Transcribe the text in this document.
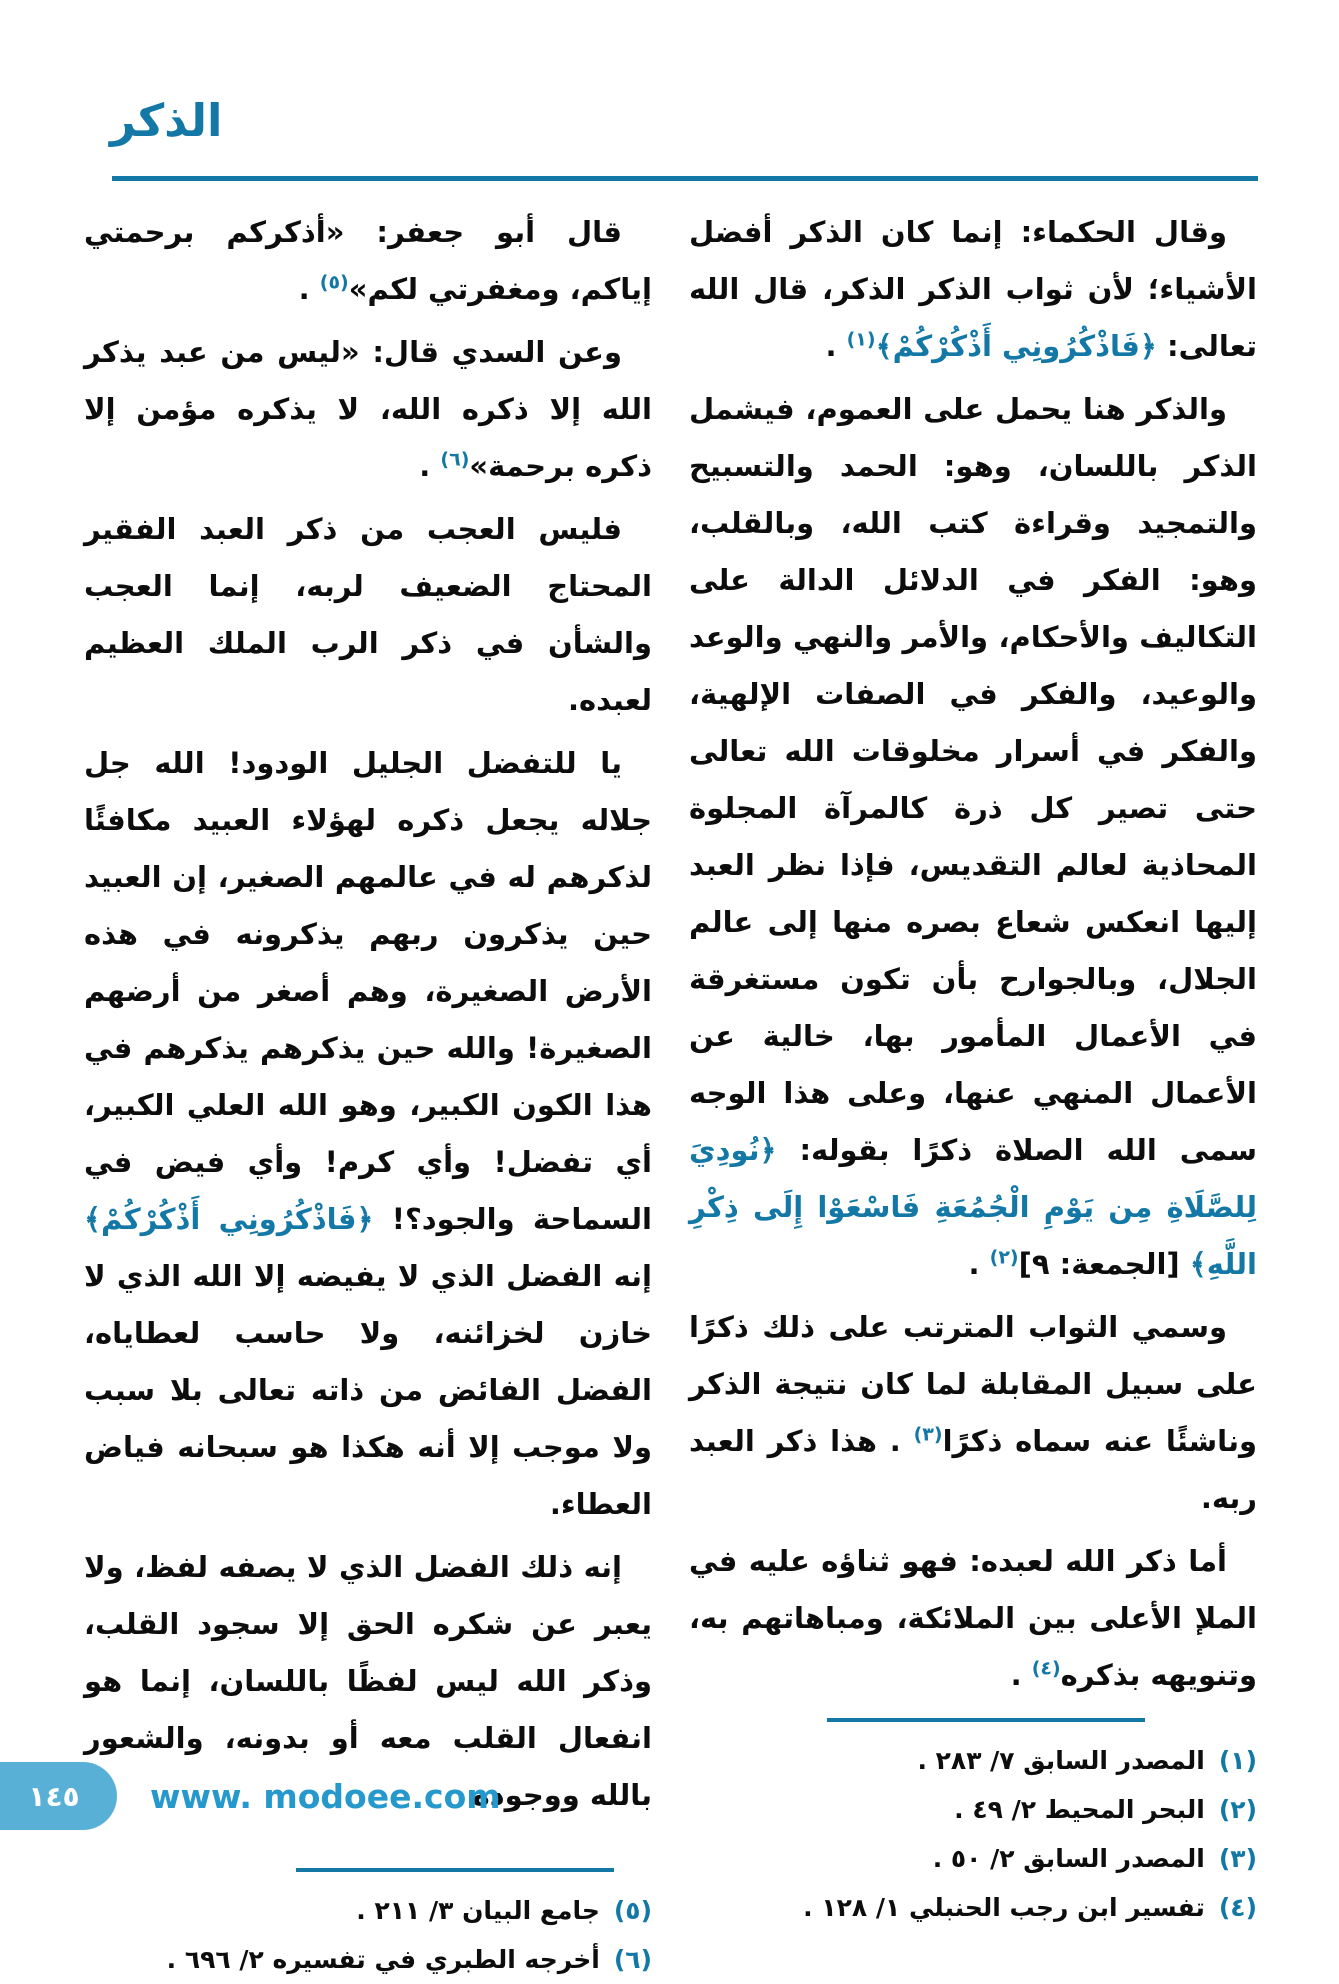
الذكر

وقال الحكماء: إنما كان الذكر أفضل الأشياء؛ لأن ثواب الذكر الذكر، قال الله تعالى: ﴿فَاذْكُرُونِي أَذْكُرْكُمْ﴾$^{(١)}$ .

والذكر هنا يحمل على العموم، فيشمل الذكر باللسان، وهو: الحمد والتسبيح والتمجيد وقراءة كتب الله، وبالقلب، وهو: الفكر في الدلائل الدالة على التكاليف والأحكام، والأمر والنهي والوعد والوعيد، والفكر في الصفات الإلهية، والفكر في أسرار مخلوقات الله تعالى حتى تصير كل ذرة كالمرآة المجلوة المحاذية لعالم التقديس، فإذا نظر العبد إليها انعكس شعاع بصره منها إلى عالم الجلال، وبالجوارح بأن تكون مستغرقة في الأعمال المأمور بها، خالية عن الأعمال المنهي عنها، وعلى هذا الوجه سمى الله الصلاة ذكرًا بقوله: ﴿نُودِيَ لِلصَّلَاةِ مِن يَوْمِ الْجُمُعَةِ فَاسْعَوْا إِلَى ذِكْرِ اللَّهِ﴾ [الجمعة: ٩]$^{(٢)}$ .

وسمي الثواب المترتب على ذلك ذكرًا على سبيل المقابلة لما كان نتيجة الذكر وناشئًا عنه سماه ذكرًا$^{(٣)}$ . هذا ذكر العبد ربه.

أما ذكر الله لعبده: فهو ثناؤه عليه في الملإ الأعلى بين الملائكة، ومباهاتهم به، وتنويهه بذكره$^{(٤)}$ .

(١)
المصدر السابق ٧/ ٢٨٣ .
(٢)
البحر المحيط ٢/ ٤٩ .
(٣)
المصدر السابق ٢/ ٥٠ .
(٤)
تفسير ابن رجب الحنبلي ١/ ١٢٨ .

قال أبو جعفر: «أذكركم برحمتي إياكم، ومغفرتي لكم»$^{(٥)}$ .

وعن السدي قال: «ليس من عبد يذكر الله إلا ذكره الله، لا يذكره مؤمن إلا ذكره برحمة»$^{(٦)}$ .

فليس العجب من ذكر العبد الفقير المحتاج الضعيف لربه، إنما العجب والشأن في ذكر الرب الملك العظيم لعبده.

يا للتفضل الجليل الودود! الله جل جلاله يجعل ذكره لهؤلاء العبيد مكافئًا لذكرهم له في عالمهم الصغير، إن العبيد حين يذكرون ربهم يذكرونه في هذه الأرض الصغيرة، وهم أصغر من أرضهم الصغيرة! والله حين يذكرهم يذكرهم في هذا الكون الكبير، وهو الله العلي الكبير، أي تفضل! وأي كرم! وأي فيض في السماحة والجود؟! ﴿فَاذْكُرُونِي أَذْكُرْكُمْ﴾ إنه الفضل الذي لا يفيضه إلا الله الذي لا خازن لخزائنه، ولا حاسب لعطاياه، الفضل الفائض من ذاته تعالى بلا سبب ولا موجب إلا أنه هكذا هو سبحانه فياض العطاء.

إنه ذلك الفضل الذي لا يصفه لفظ، ولا يعبر عن شكره الحق إلا سجود القلب، وذكر الله ليس لفظًا باللسان، إنما هو انفعال القلب معه أو بدونه، والشعور بالله ووجوده

(٥)
جامع البيان ٣/ ٢١١ .
(٦)
أخرجه الطبري في تفسيره ٢/ ٦٩٦ .
١٤٥ www. modoee.com
